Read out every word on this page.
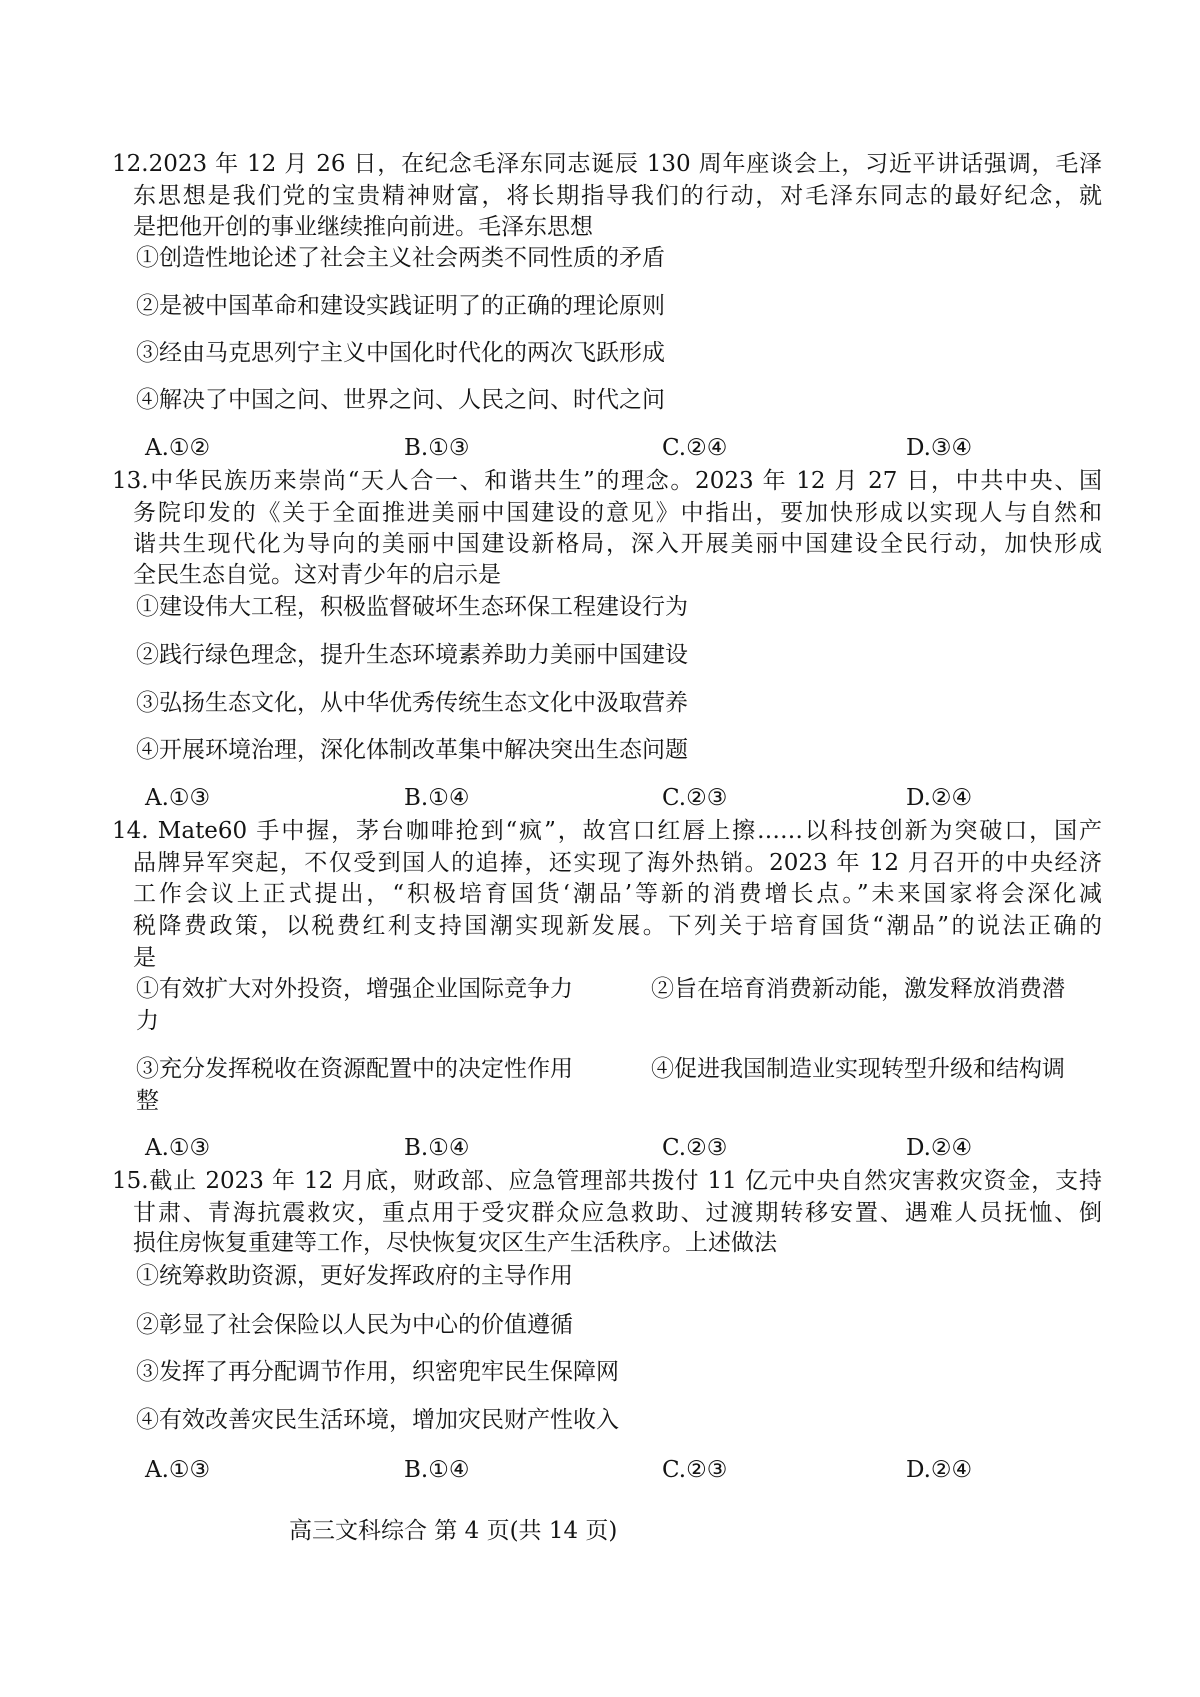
12.2023 年 12 月 26 日，在纪念毛泽东同志诞辰 130 周年座谈会上，习近平讲话强调，毛泽
东思想是我们党的宝贵精神财富，将长期指导我们的行动，对毛泽东同志的最好纪念，就
是把他开创的事业继续推向前进。毛泽东思想
①创造性地论述了社会主义社会两类不同性质的矛盾
②是被中国革命和建设实践证明了的正确的理论原则
③经由马克思列宁主义中国化时代化的两次飞跃形成
④解决了中国之问、世界之问、人民之问、时代之问
A.①②	B.①③	C.②④	D.③④
13.中华民族历来崇尚“天人合一、和谐共生”的理念。2023 年 12 月 27 日，中共中央、国
务院印发的《关于全面推进美丽中国建设的意见》中指出，要加快形成以实现人与自然和
谐共生现代化为导向的美丽中国建设新格局，深入开展美丽中国建设全民行动，加快形成
全民生态自觉。这对青少年的启示是
①建设伟大工程，积极监督破坏生态环保工程建设行为
②践行绿色理念，提升生态环境素养助力美丽中国建设
③弘扬生态文化，从中华优秀传统生态文化中汲取营养
④开展环境治理，深化体制改革集中解决突出生态问题
A.①③	B.①④	C.②③	D.②④
14. Mate60 手中握，茅台咖啡抢到“疯”，故宫口红唇上擦……以科技创新为突破口，国产
品牌异军突起，不仅受到国人的追捧，还实现了海外热销。2023 年 12 月召开的中央经济
工作会议上正式提出，“积极培育国货‘潮品’等新的消费增长点。”未来国家将会深化减
税降费政策，以税费红利支持国潮实现新发展。下列关于培育国货“潮品”的说法正确的
是
①有效扩大对外投资，增强企业国际竞争力	②旨在培育消费新动能，激发释放消费潜
力
③充分发挥税收在资源配置中的决定性作用	④促进我国制造业实现转型升级和结构调
整
A.①③	B.①④	C.②③	D.②④
15.截止 2023 年 12 月底，财政部、应急管理部共拨付 11 亿元中央自然灾害救灾资金，支持
甘肃、青海抗震救灾，重点用于受灾群众应急救助、过渡期转移安置、遇难人员抚恤、倒
损住房恢复重建等工作，尽快恢复灾区生产生活秩序。上述做法
①统筹救助资源，更好发挥政府的主导作用
②彰显了社会保险以人民为中心的价值遵循
③发挥了再分配调节作用，织密兜牢民生保障网
④有效改善灾民生活环境，增加灾民财产性收入
A.①③	B.①④	C.②③	D.②④
高三文科综合 第 4 页(共 14 页)
